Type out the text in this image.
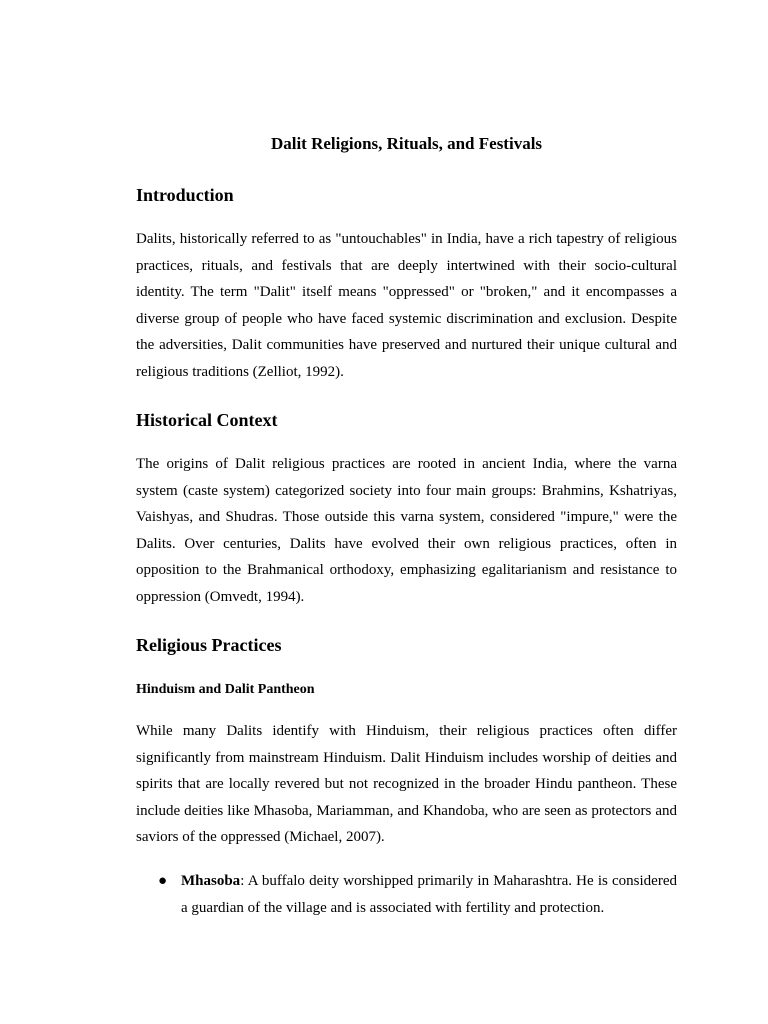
Dalit Religions, Rituals, and Festivals
Introduction

Dalits, historically referred to as "untouchables" in India, have a rich tapestry of religious practices, rituals, and festivals that are deeply intertwined with their socio-cultural identity. The term "Dalit" itself means "oppressed" or "broken," and it encompasses a diverse group of people who have faced systemic discrimination and exclusion. Despite the adversities, Dalit communities have preserved and nurtured their unique cultural and religious traditions (Zelliot, 1992).

Historical Context

The origins of Dalit religious practices are rooted in ancient India, where the varna system (caste system) categorized society into four main groups: Brahmins, Kshatriyas, Vaishyas, and Shudras. Those outside this varna system, considered "impure," were the Dalits. Over centuries, Dalits have evolved their own religious practices, often in opposition to the Brahmanical orthodoxy, emphasizing egalitarianism and resistance to oppression (Omvedt, 1994).

Religious Practices
Hinduism and Dalit Pantheon

While many Dalits identify with Hinduism, their religious practices often differ significantly from mainstream Hinduism. Dalit Hinduism includes worship of deities and spirits that are locally revered but not recognized in the broader Hindu pantheon. These include deities like Mhasoba, Mariamman, and Khandoba, who are seen as protectors and saviors of the oppressed (Michael, 2007).

● Mhasoba: A buffalo deity worshipped primarily in Maharashtra. He is considered a guardian of the village and is associated with fertility and protection.
